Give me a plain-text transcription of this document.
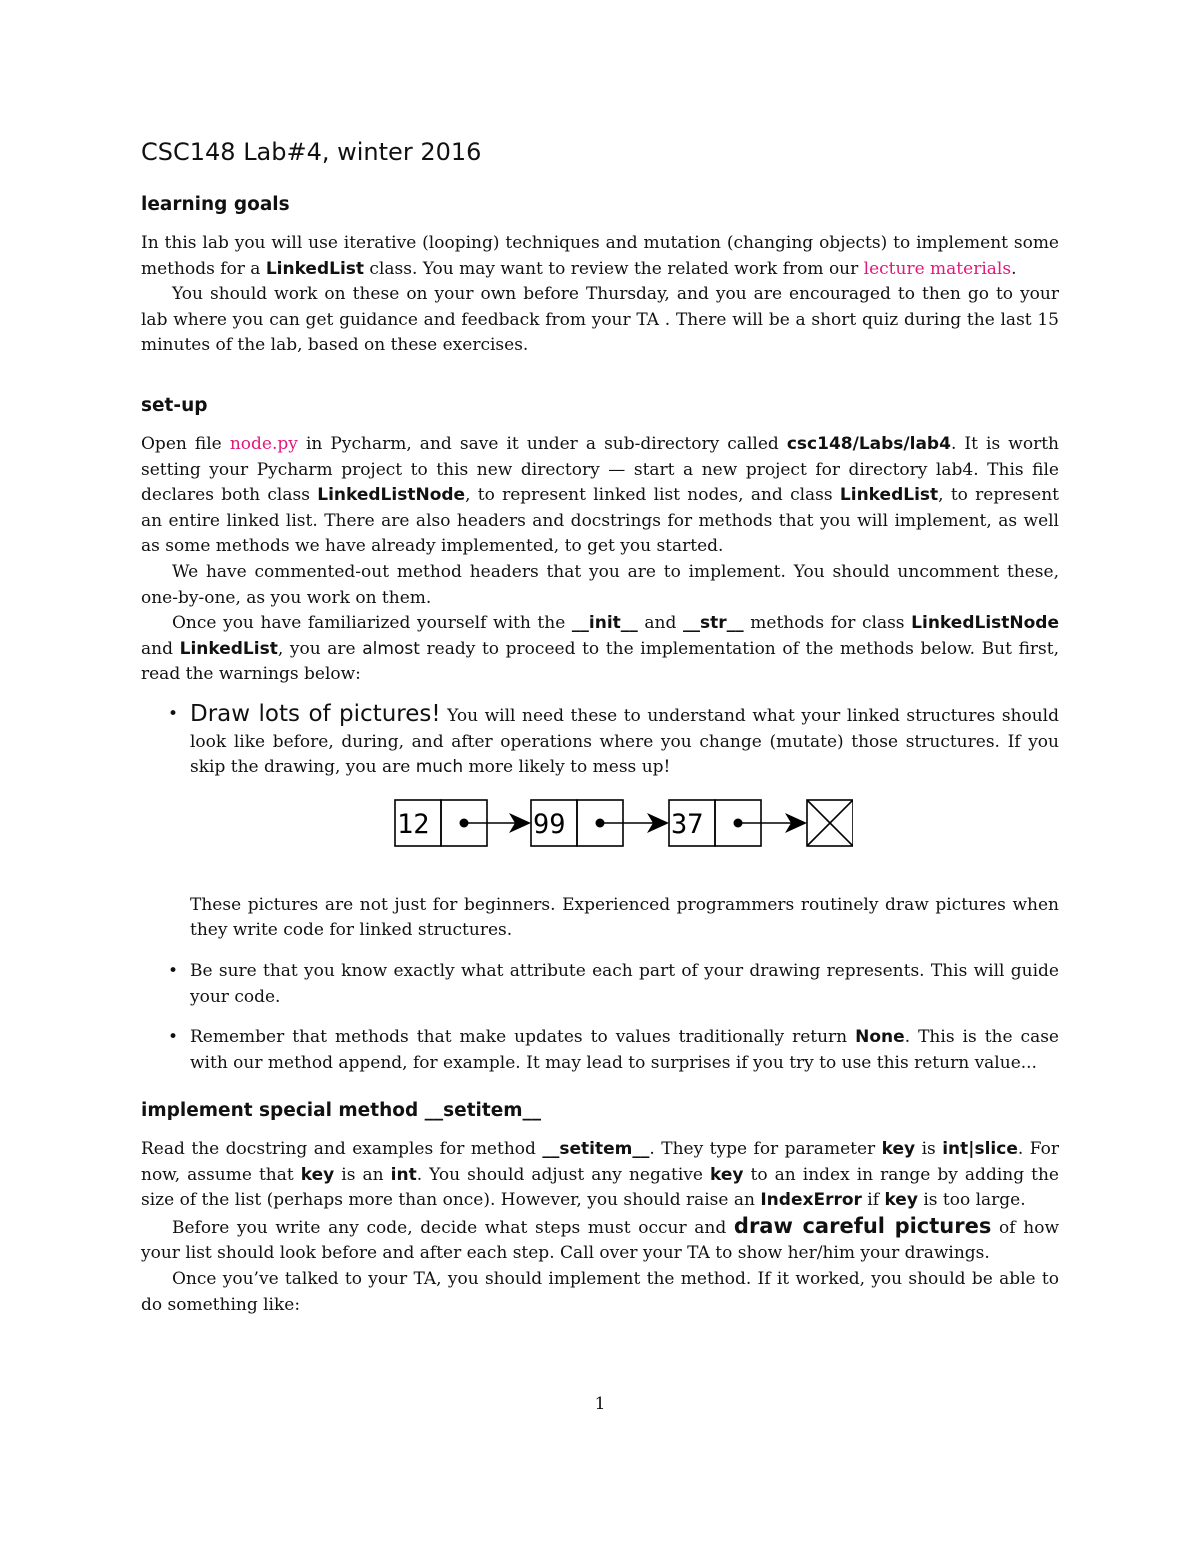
CSC148 Lab#4, winter 2016
learning goals

In this lab you will use iterative (looping) techniques and mutation (changing objects) to implement some methods for a LinkedList class. You may want to review the related work from our lecture materials.

You should work on these on your own before Thursday, and you are encouraged to then go to your lab where you can get guidance and feedback from your TA . There will be a short quiz during the last 15 minutes of the lab, based on these exercises.

set-up

Open file node.py in Pycharm, and save it under a sub-directory called csc148/Labs/lab4. It is worth setting your Pycharm project to this new directory — start a new project for directory lab4. This file declares both class LinkedListNode, to represent linked list nodes, and class LinkedList, to represent an entire linked list. There are also headers and docstrings for methods that you will implement, as well as some methods we have already implemented, to get you started.

We have commented-out method headers that you are to implement. You should uncomment these, one-by-one, as you work on them.

Once you have familiarized yourself with the __init__ and __str__ methods for class LinkedListNode and LinkedList, you are almost ready to proceed to the implementation of the methods below. But first, read the warnings below:

• Draw lots of pictures! You will need these to understand what your linked structures should look like before, during, and after operations where you change (mutate) those structures. If you skip the drawing, you are much more likely to mess up!

These pictures are not just for beginners. Experienced programmers routinely draw pictures when they write code for linked structures.

• Be sure that you know exactly what attribute each part of your drawing represents. This will guide your code.
• Remember that methods that make updates to values traditionally return None. This is the case with our method append, for example. It may lead to surprises if you try to use this return value...
12	99	37
implement special method __setitem__

Read the docstring and examples for method __setitem__. They type for parameter key is int|slice. For now, assume that key is an int. You should adjust any negative key to an index in range by adding the size of the list (perhaps more than once). However, you should raise an IndexError if key is too large.

Before you write any code, decide what steps must occur and draw careful pictures of how your list should look before and after each step. Call over your TA to show her/him your drawings.

Once you’ve talked to your TA, you should implement the method. If it worked, you should be able to do something like:

1
